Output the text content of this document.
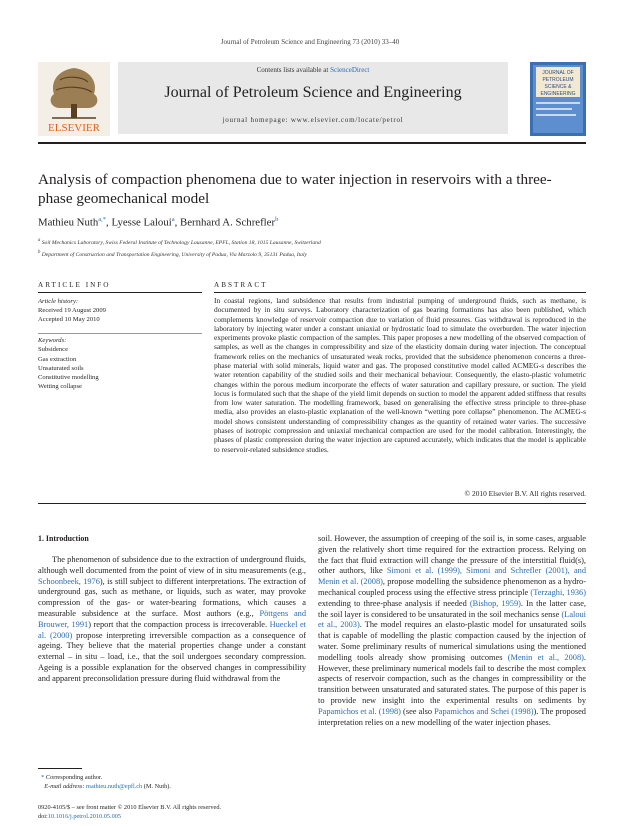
Journal of Petroleum Science and Engineering 73 (2010) 33–40
ELSEVIER
Contents lists available at ScienceDirect
Journal of Petroleum Science and Engineering
journal homepage: www.elsevier.com/locate/petrol
JOURNAL OF
PETROLEUM
SCIENCE &
ENGINEERING
Analysis of compaction phenomena due to water injection in reservoirs with a three-phase geomechanical model
Mathieu Nuth$^{a,*}$, Lyesse Laloui$^a$, Bernhard A. Schrefler$^b$
$^a$ Soil Mechanics Laboratory, Swiss Federal Institute of Technology Lausanne, EPFL, Station 18, 1015 Lausanne, Switzerland
$^b$ Department of Construction and Transportation Engineering, University of Padua, Via Marzolo 9, 35131 Padua, Italy
ARTICLE INFO	ABSTRACT
Article history:
Received 19 August 2009
Accepted 10 May 2010
Keywords:
Subsidence
Gas extraction
Unsaturated soils
Constitutive modelling
Wetting collapse

In coastal regions, land subsidence that results from industrial pumping of underground fluids, such as methane, is documented by in situ surveys. Laboratory characterization of gas bearing formations has also been published, which complements knowledge of reservoir compaction due to variation of fluid pressures. Gas withdrawal is reproduced in the laboratory by injecting water under a constant uniaxial or hydrostatic load to simulate the overburden. The water injection experiments provoke plastic compaction of the samples. This paper proposes a new modelling of the observed compaction of samples, as well as the changes in compressibility and size of the elasticity domain during water injection. The conceptual framework relies on the mechanics of unsaturated weak rocks, provided that the subsidence phenomenon concerns a three-phase material with solid minerals, liquid water and gas. The proposed constitutive model called ACMEG-s describes the water retention capability of the studied soils and their mechanical behaviour. Consequently, the elasto-plastic volumetric changes within the porous medium incorporate the effects of water saturation and capillary pressure, or suction. The yield locus is formulated such that the shape of the yield limit depends on suction to model the apparent added stiffness that results from low water saturation. The modelling framework, based on generalising the effective stress principle to three-phase media, also provides an elasto-plastic explanation of the well-known “wetting pore collapse” phenomenon. The ACMEG-s model shows consistent understanding of compressibility changes as the quantity of retained water varies. The successive phases of isotropic compression and uniaxial mechanical compaction are used for the model calibration. Interestingly, the phases of plastic compression during the water injection are captured accurately, which indicates that the model is applicable to reservoir-related subsidence studies.

© 2010 Elsevier B.V. All rights reserved.
1. Introduction

The phenomenon of subsidence due to the extraction of underground fluids, although well documented from the point of view of in situ measurements (e.g., Schoonbeek, 1976), is still subject to different interpretations. The extraction of underground gas, such as methane, or liquids, such as water, may provoke compression of the gas- or water-bearing formations, which causes a measurable subsidence at the surface. Most authors (e.g., Pöttgens and Brouwer, 1991) report that the compaction process is irrecoverable. Hueckel et al. (2000) propose interpreting irreversible compaction as a consequence of ageing. They believe that the material properties change under a constant external – in situ – load, i.e., that the soil undergoes secondary compression. Ageing is a possible explanation for the observed changes in compressibility and apparent preconsolidation pressure during fluid withdrawal from the

soil. However, the assumption of creeping of the soil is, in some cases, arguable given the relatively short time required for the extraction process. Relying on the fact that fluid extraction will change the pressure of the interstitial fluid(s), other authors, like Simoni et al. (1999), Simoni and Schrefler (2001), and Menin et al. (2008), propose modelling the subsidence phenomenon as a hydro-mechanical coupled process using the effective stress principle (Terzaghi, 1936) extending to three-phase analysis if needed (Bishop, 1959). In the latter case, the soil layer is considered to be unsaturated in the soil mechanics sense (Laloui et al., 2003). The model requires an elasto-plastic model for unsaturated soils that is capable of modelling the plastic compaction caused by the injection of water. Some preliminary results of numerical simulations using the mentioned modelling tools already show promising outcomes (Menin et al., 2008). However, these preliminary numerical models fail to describe the most complex aspects of reservoir compaction, such as the changes in compressibility or the transition between unsaturated and saturated states. The purpose of this paper is to provide new insight into the experimental results on sediments by Papamichos et al. (1998) (see also Papamichos and Schei (1998)). The proposed interpretation relies on a new modelling of the water injection phases.

* Corresponding author.
E-mail address: mathieu.nuth@epfl.ch (M. Nuth).
0920-4105/$ – see front matter © 2010 Elsevier B.V. All rights reserved.
doi:10.1016/j.petrol.2010.05.005
